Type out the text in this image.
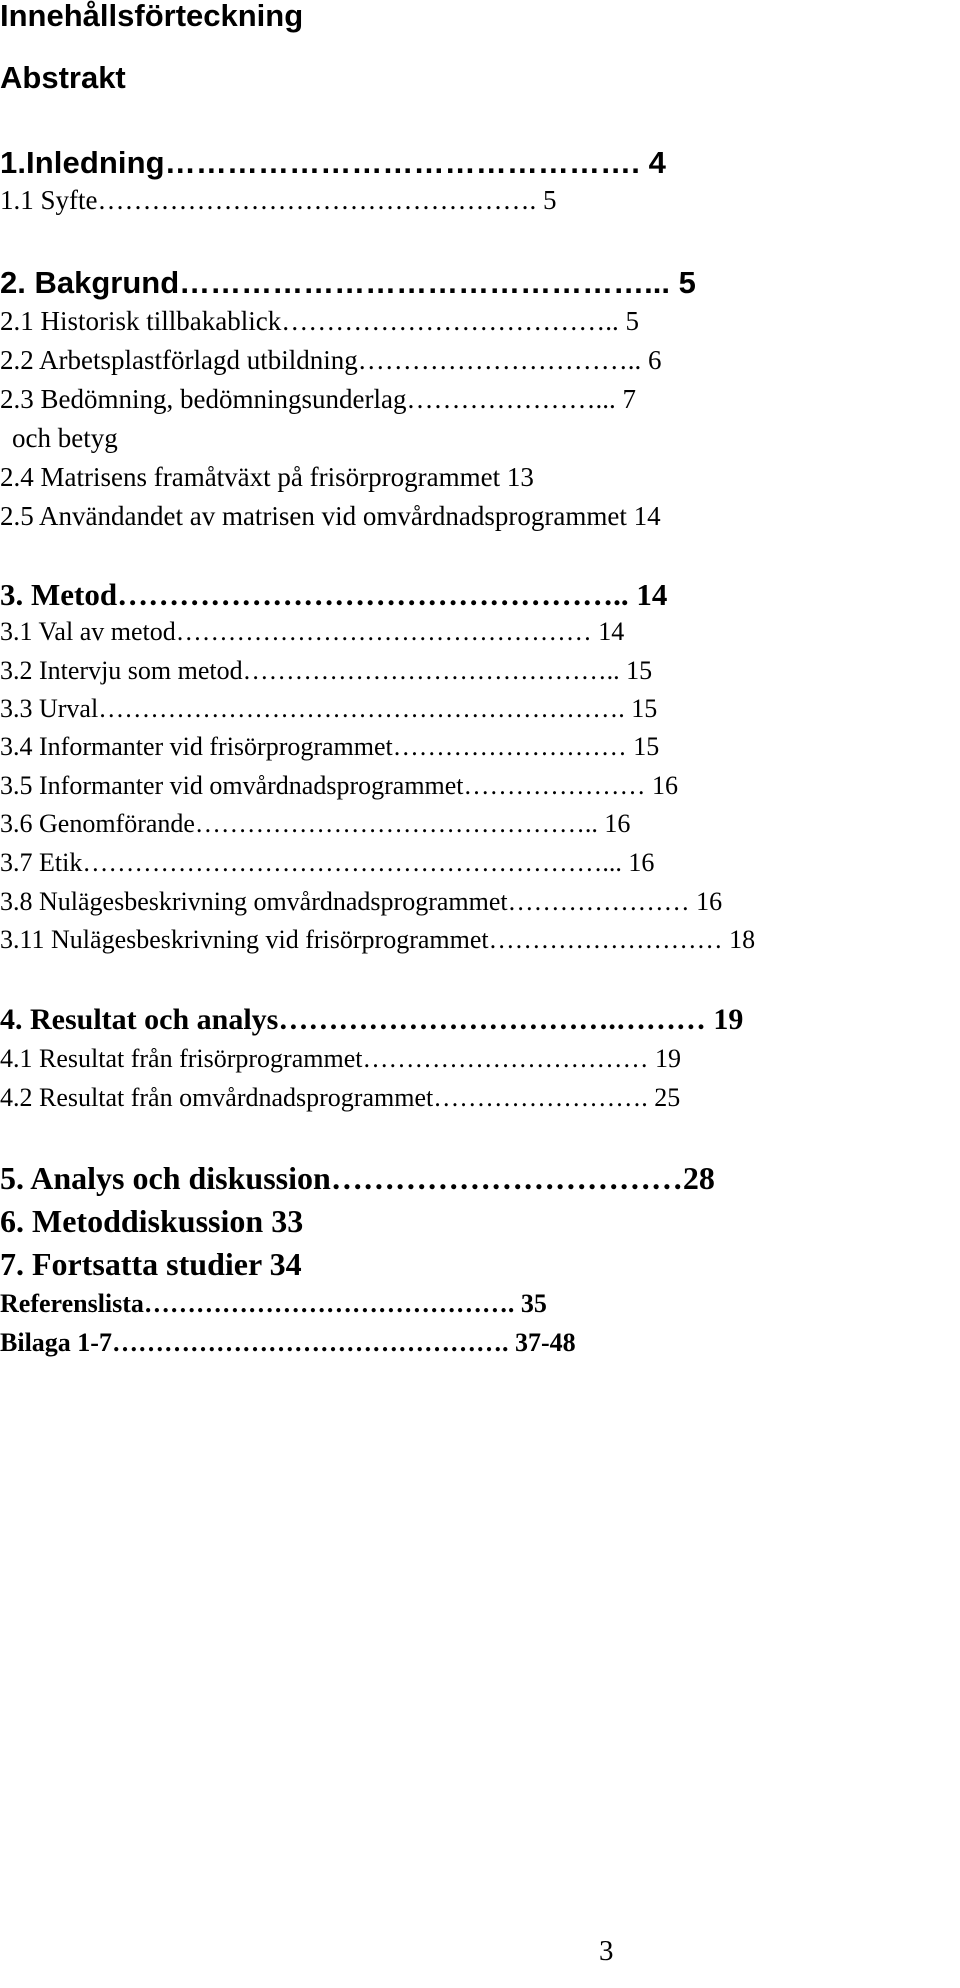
Innehållsförteckning
Abstrakt
1.Inledning………………………………………. 4
1.1 Syfte…………………………………………. 5
2. Bakgrund………………………………………... 5
2.1 Historisk tillbakablick……………………………….. 5
2.2 Arbetsplastförlagd utbildning………………………….. 6
2.3 Bedömning, bedömningsunderlag…………………... 7
och betyg
2.4 Matrisens framåtväxt på frisörprogrammet 13
2.5 Användandet av matrisen vid omvårdnadsprogrammet 14
3. Metod………………………………………….. 14
3.1 Val av metod………………………………………… 14
3.2 Intervju som metod…………………………………….. 15
3.3 Urval……………………………………………………. 15
3.4 Informanter vid frisörprogrammet……………………… 15
3.5 Informanter vid omvårdnadsprogrammet………………… 16
3.6 Genomförande……………………………………….. 16
3.7 Etik……………………………………………………... 16
3.8 Nulägesbeskrivning omvårdnadsprogrammet………………… 16
3.11 Nulägesbeskrivning vid frisörprogrammet……………………… 18
4. Resultat och analys…………………………….……… 19
4.1 Resultat från frisörprogrammet…………………………… 19
4.2 Resultat från omvårdnadsprogrammet……………………. 25
5. Analys och diskussion……………………………28
6. Metoddiskussion 33
7. Fortsatta studier 34
Referenslista……………………………………. 35
Bilaga 1-7………………………………………. 37-48
3
